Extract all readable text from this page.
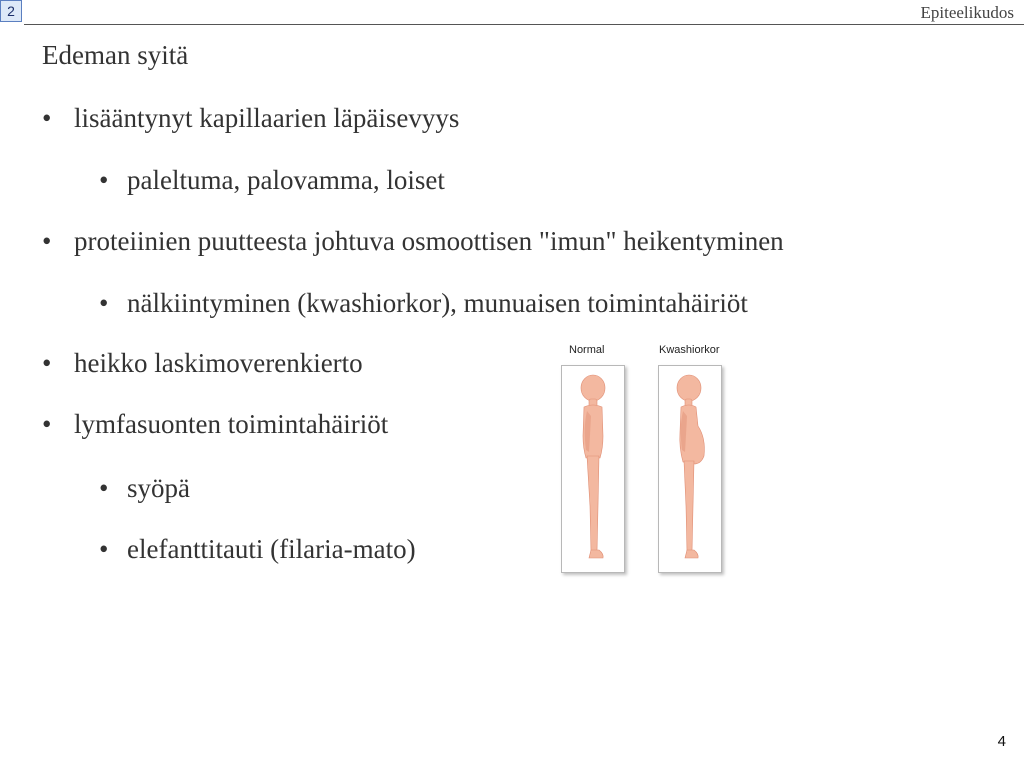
2	Epiteelikudos
Edeman syitä
• lisääntynyt kapillaarien läpäisevyys
• paleltuma, palovamma, loiset
• proteiinien puutteesta johtuva osmoottisen "imun" heikentyminen
• nälkiintyminen (kwashiorkor), munuaisen toimintahäiriöt
• heikko laskimoverenkierto
• lymfasuonten toimintahäiriöt
• syöpä
• elefanttitauti (filaria-mato)
Normal	Kwashiorkor
4
